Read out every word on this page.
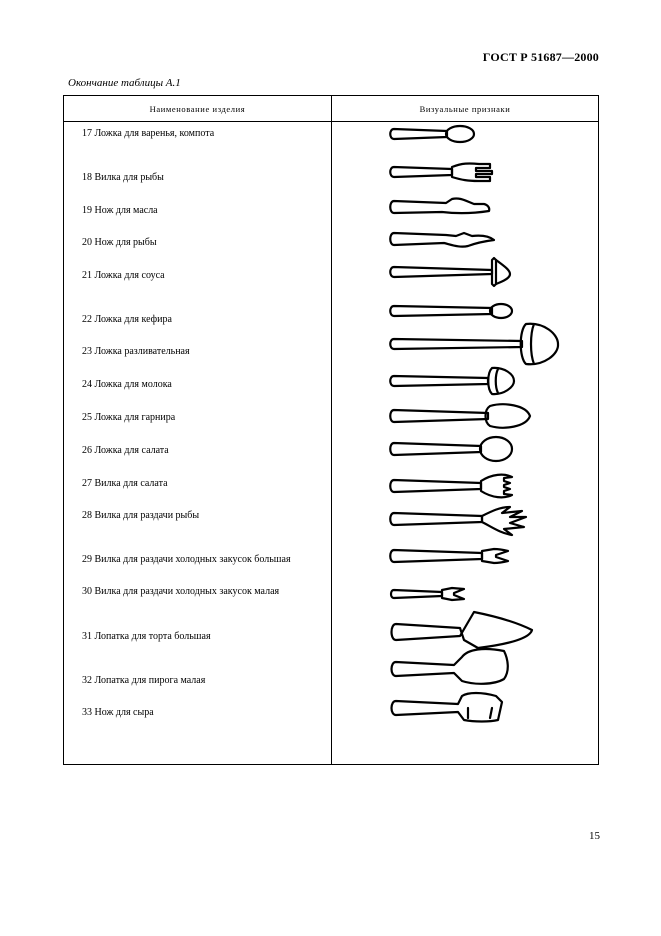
ГОСТ Р 51687—2000
Окончание таблицы А.1
Наименование изделия	Визуальные признаки
17 Ложка для варенья, компота
18 Вилка для рыбы
19 Нож для масла
20 Нож для рыбы
21 Ложка для соуса
22 Ложка для кефира
23 Ложка разливательная
24 Ложка для молока
25 Ложка для гарнира
26 Ложка для салата
27 Вилка для салата
28 Вилка для раздачи рыбы
29 Вилка для раздачи холодных закусок большая
30 Вилка для раздачи холодных закусок малая
31 Лопатка для торта большая
32 Лопатка для пирога малая
33 Нож для сыра
15
